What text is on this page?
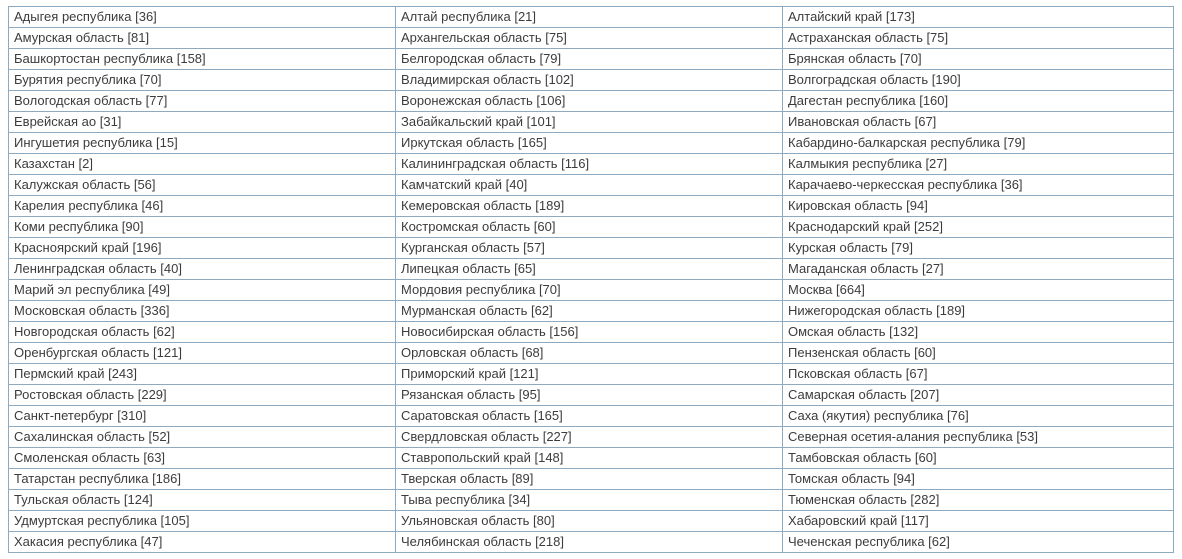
Адыгея республика [36]	Алтай республика [21]	Алтайский край [173]
Амурская область [81]	Архангельская область [75]	Астраханская область [75]
Башкортостан республика [158]	Белгородская область [79]	Брянская область [70]
Бурятия республика [70]	Владимирская область [102]	Волгоградская область [190]
Вологодская область [77]	Воронежская область [106]	Дагестан республика [160]
Еврейская ао [31]	Забайкальский край [101]	Ивановская область [67]
Ингушетия республика [15]	Иркутская область [165]	Кабардино-балкарская республика [79]
Казахстан [2]	Калининградская область [116]	Калмыкия республика [27]
Калужская область [56]	Камчатский край [40]	Карачаево-черкесская республика [36]
Карелия республика [46]	Кемеровская область [189]	Кировская область [94]
Коми республика [90]	Костромская область [60]	Краснодарский край [252]
Красноярский край [196]	Курганская область [57]	Курская область [79]
Ленинградская область [40]	Липецкая область [65]	Магаданская область [27]
Марий эл республика [49]	Мордовия республика [70]	Москва [664]
Московская область [336]	Мурманская область [62]	Нижегородская область [189]
Новгородская область [62]	Новосибирская область [156]	Омская область [132]
Оренбургская область [121]	Орловская область [68]	Пензенская область [60]
Пермский край [243]	Приморский край [121]	Псковская область [67]
Ростовская область [229]	Рязанская область [95]	Самарская область [207]
Санкт-петербург [310]	Саратовская область [165]	Саха (якутия) республика [76]
Сахалинская область [52]	Свердловская область [227]	Северная осетия-алания республика [53]
Смоленская область [63]	Ставропольский край [148]	Тамбовская область [60]
Татарстан республика [186]	Тверская область [89]	Томская область [94]
Тульская область [124]	Тыва республика [34]	Тюменская область [282]
Удмуртская республика [105]	Ульяновская область [80]	Хабаровский край [117]
Хакасия республика [47]	Челябинская область [218]	Чеченская республика [62]
